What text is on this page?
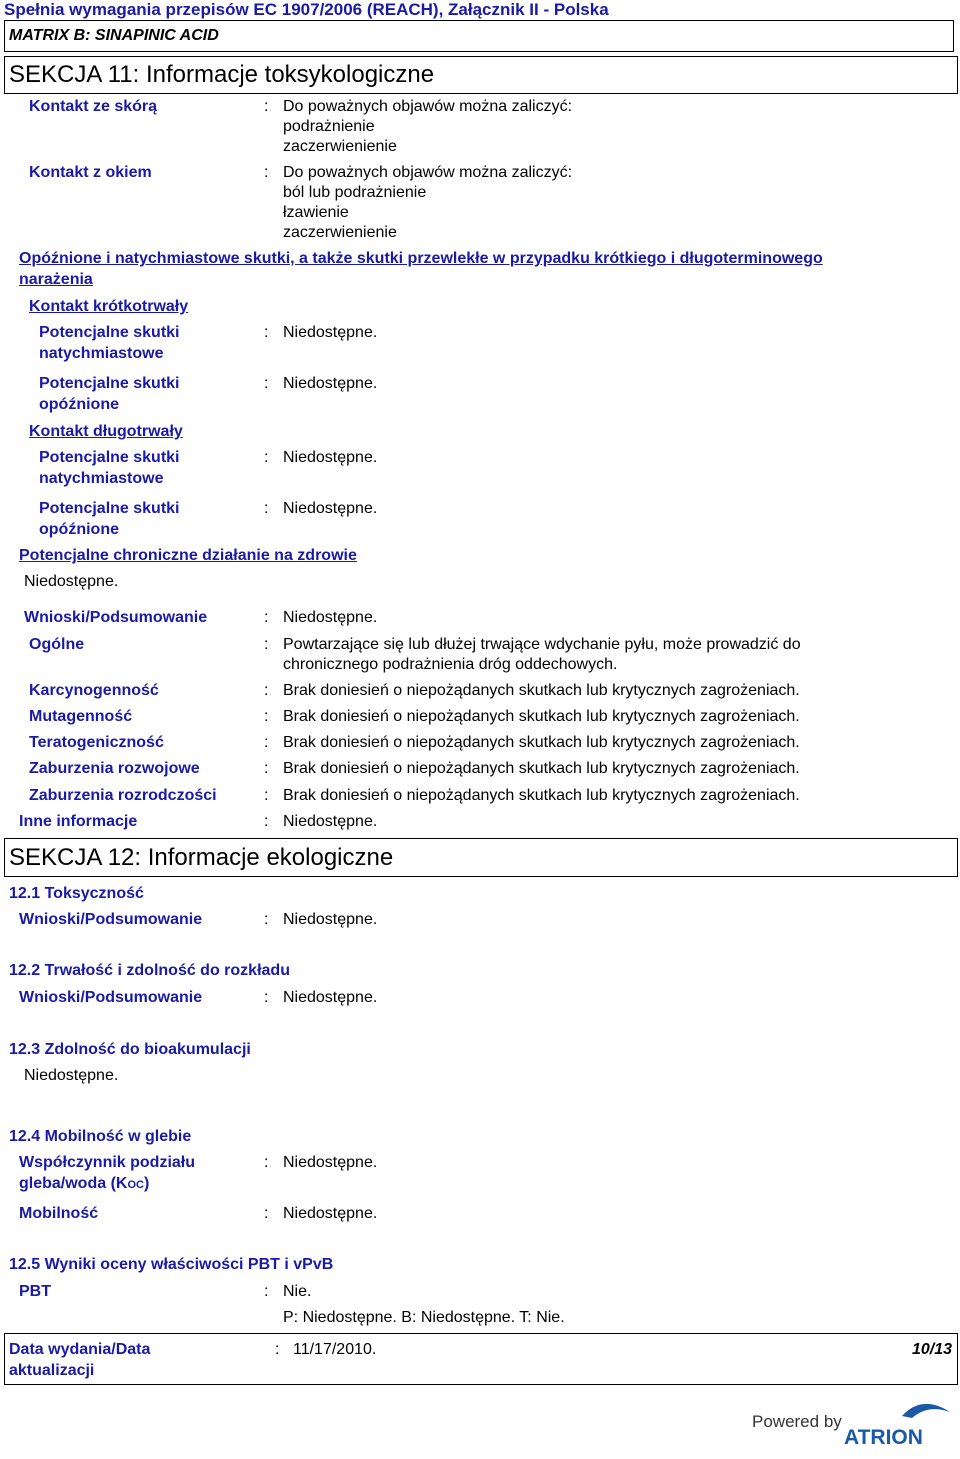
Spełnia wymagania przepisów EC 1907/2006 (REACH), Załącznik II - Polska
MATRIX B: SINAPINIC ACID
SEKCJA 11: Informacje toksykologiczne
Kontakt ze skórą	: Do poważnych objawów można zaliczyć:
podrażnienie
zaczerwienienie
Kontakt z okiem	: Do poważnych objawów można zaliczyć:
ból lub podrażnienie
łzawienie
zaczerwienienie
Opóźnione i natychmiastowe skutki, a także skutki przewlekłe w przypadku krótkiego i długoterminowego
narażenia
Kontakt krótkotrwały
Potencjalne skutki
natychmiastowe
: Niedostępne.
Potencjalne skutki
opóźnione
: Niedostępne.
Kontakt długotrwały
Potencjalne skutki
natychmiastowe
: Niedostępne.
Potencjalne skutki
opóźnione
: Niedostępne.
Potencjalne chroniczne działanie na zdrowie
Niedostępne.
Wnioski/Podsumowanie	: Niedostępne.
Ogólne	: Powtarzające się lub dłużej trwające wdychanie pyłu, może prowadzić do
chronicznego podrażnienia dróg oddechowych.
Karcynogenność	: Brak doniesień o niepożądanych skutkach lub krytycznych zagrożeniach.
Mutagenność	: Brak doniesień o niepożądanych skutkach lub krytycznych zagrożeniach.
Teratogeniczność	: Brak doniesień o niepożądanych skutkach lub krytycznych zagrożeniach.
Zaburzenia rozwojowe	: Brak doniesień o niepożądanych skutkach lub krytycznych zagrożeniach.
Zaburzenia rozrodczości	: Brak doniesień o niepożądanych skutkach lub krytycznych zagrożeniach.
Inne informacje	: Niedostępne.
SEKCJA 12: Informacje ekologiczne
12.1 Toksyczność
Wnioski/Podsumowanie	: Niedostępne.
12.2 Trwałość i zdolność do rozkładu
Wnioski/Podsumowanie	: Niedostępne.
12.3 Zdolność do bioakumulacji
Niedostępne.
12.4 Mobilność w glebie
Współczynnik podziału
gleba/woda (KOC)
: Niedostępne.
Mobilność	: Niedostępne.
12.5 Wyniki oceny właściwości PBT i vPvB
PBT	: Nie.
P: Niedostępne. B: Niedostępne. T: Nie.
Data wydania/Data
aktualizacji
: 11/17/2010.	10/13
Powered by
ATRION
